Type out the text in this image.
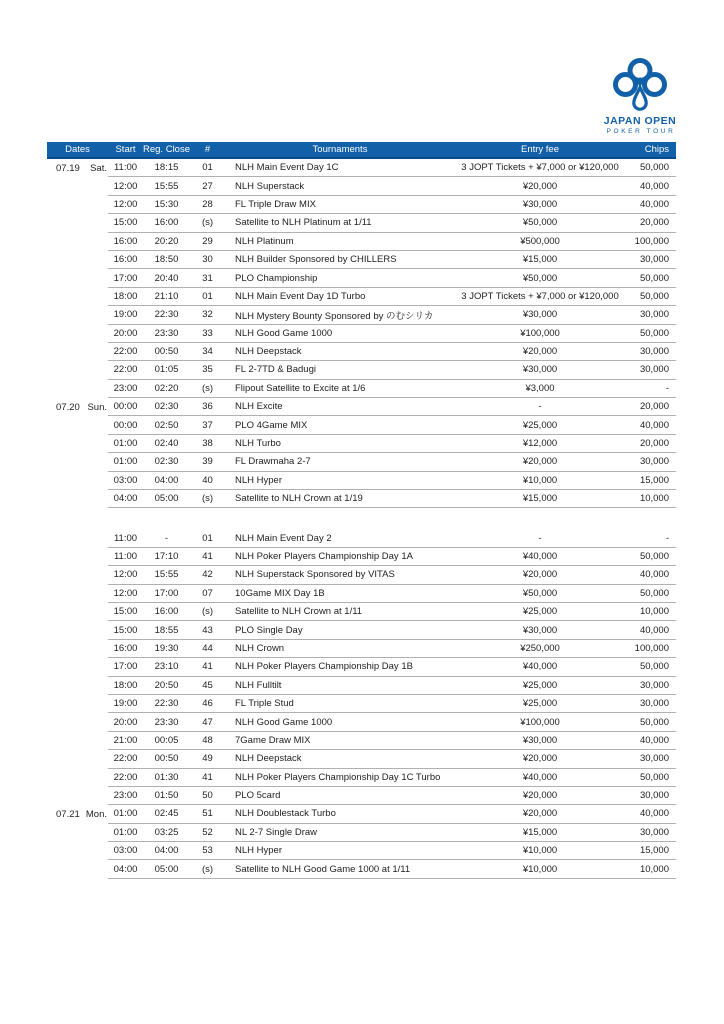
JAPAN OPEN
POKER TOUR
Dates	Start Reg. Close	#	Tournaments	Entry fee	Chips
07.19 Sat. 11:00	18:15	01	NLH Main Event Day 1C	3 JOPT Tickets + ¥7,000 or ¥120,000	50,000
12:00	15:55	27	NLH Superstack	¥20,000	40,000
12:00	15:30	28	FL Triple Draw MIX	¥30,000	40,000
15:00	16:00	(s)	Satellite to NLH Platinum at 1/11	¥50,000	20,000
16:00	20:20	29	NLH Platinum	¥500,000	100,000
16:00	18:50	30	NLH Builder Sponsored by CHILLERS	¥15,000	30,000
17:00	20:40	31	PLO Championship	¥50,000	50,000
18:00	21:10	01	NLH Main Event Day 1D Turbo	3 JOPT Tickets + ¥7,000 or ¥120,000	50,000
19:00	22:30	32	NLH Mystery Bounty Sponsored by のむシリカ	¥30,000	30,000
20:00	23:30	33	NLH Good Game 1000	¥100,000	50,000
22:00	00:50	34	NLH Deepstack	¥20,000	30,000
22:00	01:05	35	FL 2-7TD & Badugi	¥30,000	30,000
23:00	02:20	(s)	Flipout Satellite to Excite at 1/6	¥3,000	-
07.20 Sun. 00:00	02:30	36	NLH Excite	-	20,000
00:00	02:50	37	PLO 4Game MIX	¥25,000	40,000
01:00	02:40	38	NLH Turbo	¥12,000	20,000
01:00	02:30	39	FL Drawmaha 2-7	¥20,000	30,000
03:00	04:00	40	NLH Hyper	¥10,000	15,000
04:00	05:00	(s)	Satellite to NLH Crown at 1/19	¥15,000	10,000
11:00	-	01	NLH Main Event Day 2	-	-
11:00	17:10	41	NLH Poker Players Championship Day 1A	¥40,000	50,000
12:00	15:55	42	NLH Superstack Sponsored by VITAS	¥20,000	40,000
12:00	17:00	07	10Game MIX Day 1B	¥50,000	50,000
15:00	16:00	(s)	Satellite to NLH Crown at 1/11	¥25,000	10,000
15:00	18:55	43	PLO Single Day	¥30,000	40,000
16:00	19:30	44	NLH Crown	¥250,000	100,000
17:00	23:10	41	NLH Poker Players Championship Day 1B	¥40,000	50,000
18:00	20:50	45	NLH Fulltilt	¥25,000	30,000
19:00	22:30	46	FL Triple Stud	¥25,000	30,000
20:00	23:30	47	NLH Good Game 1000	¥100,000	50,000
21:00	00:05	48	7Game Draw MIX	¥30,000	40,000
22:00	00:50	49	NLH Deepstack	¥20,000	30,000
22:00	01:30	41	NLH Poker Players Championship Day 1C Turbo	¥40,000	50,000
23:00	01:50	50	PLO 5card	¥20,000	30,000
07.21 Mon. 01:00	02:45	51	NLH Doublestack Turbo	¥20,000	40,000
01:00	03:25	52	NL 2-7 Single Draw	¥15,000	30,000
03:00	04:00	53	NLH Hyper	¥10,000	15,000
04:00	05:00	(s)	Satellite to NLH Good Game 1000 at 1/11	¥10,000	10,000
